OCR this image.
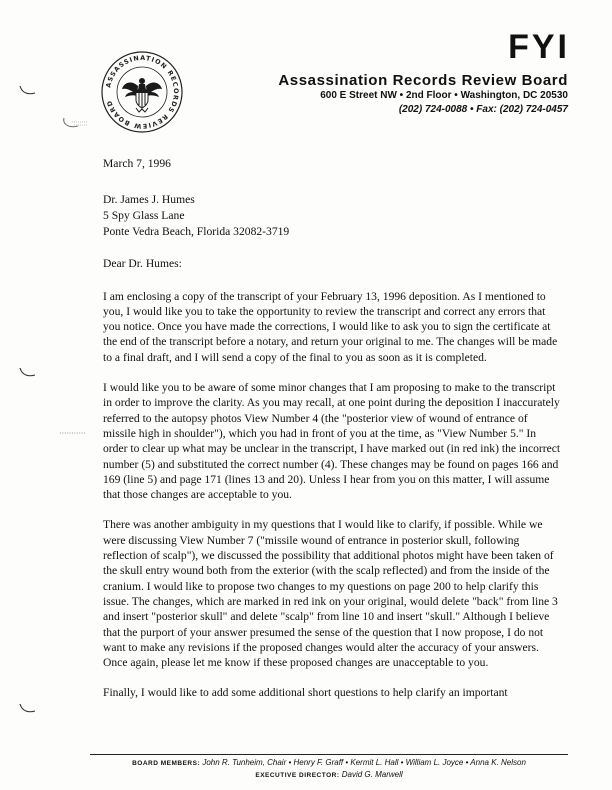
ASSASSINATION RECORDS REVIEW BOARD
FYI
Assassination Records Review Board
600 E Street NW • 2nd Floor • Washington, DC 20530
(202) 724-0088 • Fax: (202) 724-0457

March 7, 1996

Dr. James J. Humes
5 Spy Glass Lane
Ponte Vedra Beach, Florida 32082-3719

Dear Dr. Humes:

I am enclosing a copy of the transcript of your February 13, 1996 deposition. As I mentioned to you, I would like you to take the opportunity to review the transcript and correct any errors that you notice. Once you have made the corrections, I would like to ask you to sign the certificate at the end of the transcript before a notary, and return your original to me. The changes will be made to a final draft, and I will send a copy of the final to you as soon as it is completed.

I would like you to be aware of some minor changes that I am proposing to make to the transcript in order to improve the clarity. As you may recall, at one point during the deposition I inaccurately referred to the autopsy photos View Number 4 (the "posterior view of wound of entrance of missile high in shoulder"), which you had in front of you at the time, as "View Number 5." In order to clear up what may be unclear in the transcript, I have marked out (in red ink) the incorrect number (5) and substituted the correct number (4). These changes may be found on pages 166 and 169 (line 5) and page 171 (lines 13 and 20). Unless I hear from you on this matter, I will assume that those changes are acceptable to you.

There was another ambiguity in my questions that I would like to clarify, if possible. While we were discussing View Number 7 ("missile wound of entrance in posterior skull, following reflection of scalp"), we discussed the possibility that additional photos might have been taken of the skull entry wound both from the exterior (with the scalp reflected) and from the inside of the cranium. I would like to propose two changes to my questions on page 200 to help clarify this issue. The changes, which are marked in red ink on your original, would delete "back" from line 3 and insert "posterior skull" and delete "scalp" from line 10 and insert "skull." Although I believe that the purport of your answer presumed the sense of the question that I now propose, I do not want to make any revisions if the proposed changes would alter the accuracy of your answers. Once again, please let me know if these proposed changes are unacceptable to you.

Finally, I would like to add some additional short questions to help clarify an important

BOARD MEMBERS: John R. Tunheim, Chair • Henry F. Graff • Kermit L. Hall • William L. Joyce • Anna K. Nelson
EXECUTIVE DIRECTOR: David G. Marwell
